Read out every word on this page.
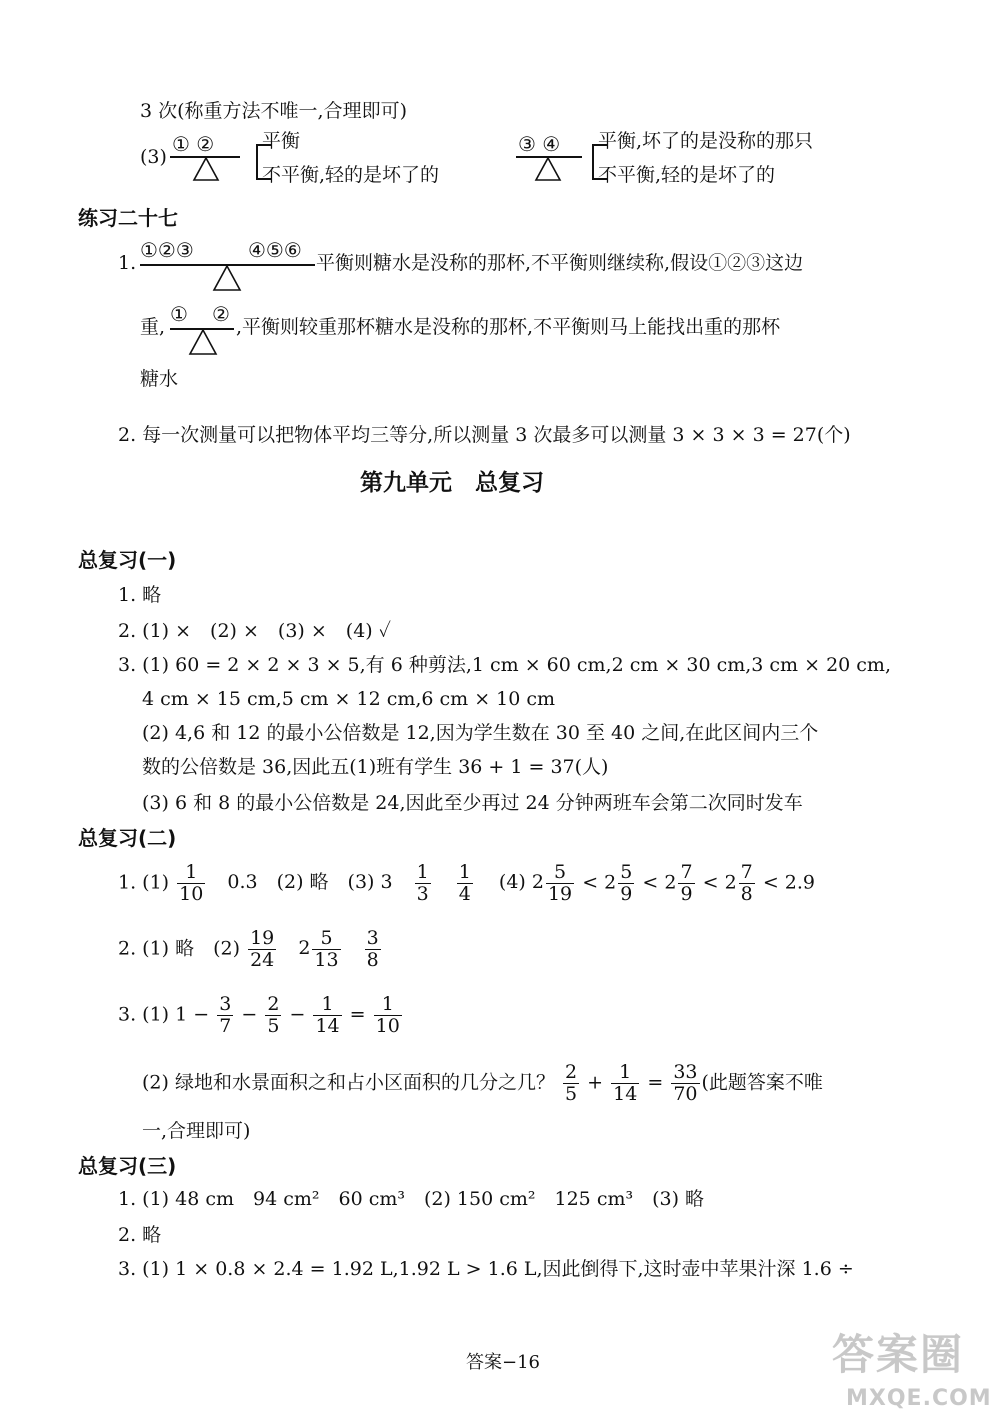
3 次(称重方法不唯一,合理即可)
(3)
① ②	平衡
不平衡,轻的是坏了的
③ ④ 平衡,坏了的是没称的那只
不平衡,轻的是坏了的
练习二十七
1.
①②③	④⑤⑥
平衡则糖水是没称的那杯,不平衡则继续称,假设①②③这边
重,
① ②
,平衡则较重那杯糖水是没称的那杯,不平衡则马上能找出重的那杯
糖水
2. 每一次测量可以把物体平均三等分,所以测量 3 次最多可以测量 3 × 3 × 3 = 27(个)
第九单元　总复习
总复习(一)
1. 略
2. (1) ×　(2) ×　(3) ×　(4) ✓
3. (1) 60 = 2 × 2 × 3 × 5,有 6 种剪法,1 cm × 60 cm,2 cm × 30 cm,3 cm × 20 cm,
4 cm × 15 cm,5 cm × 12 cm,6 cm × 10 cm
(2) 4,6 和 12 的最小公倍数是 12,因为学生数在 30 至 40 之间,在此区间内三个
数的公倍数是 36,因此五(1)班有学生 36 + 1 = 37(人)
(3) 6 和 8 的最小公倍数是 24,因此至少再过 24 分钟两班车会第二次同时发车
总复习(二)
1. $(1) \frac{1}{10} 0.3$　(2) 略　(3) $3 \frac{1}{3}$
$\frac{1}{4} (4)$ $2 \frac{5}{19} < 2 \frac{5}{9} < 2 \frac{7}{9} < 2 \frac{7}{8} < 2.9$
2. (1) 略　$(2) \frac{19}{24} 2 \frac{5}{13}$
$\frac{3}{8}$
3. (1) $1 - \frac{3}{7} - \frac{2}{5} - \frac{1}{14} = \frac{1}{10}$
(2) 绿地和水景面积之和占小区面积的几分之几？ $\frac{2}{5} + \frac{1}{14} = \frac{33}{70}$ (此题答案不唯
一,合理即可)
总复习(三)
1. (1) 48 cm　94 cm²　60 cm³　(2) 150 cm²　125 cm³　(3) 略
2. 略
3. (1) 1 × 0.8 × 2.4 = 1.92 L,1.92 L > 1.6 L,因此倒得下,这时壶中苹果汁深 1.6 ÷
答案−16	答案圈
MXQE.COM
